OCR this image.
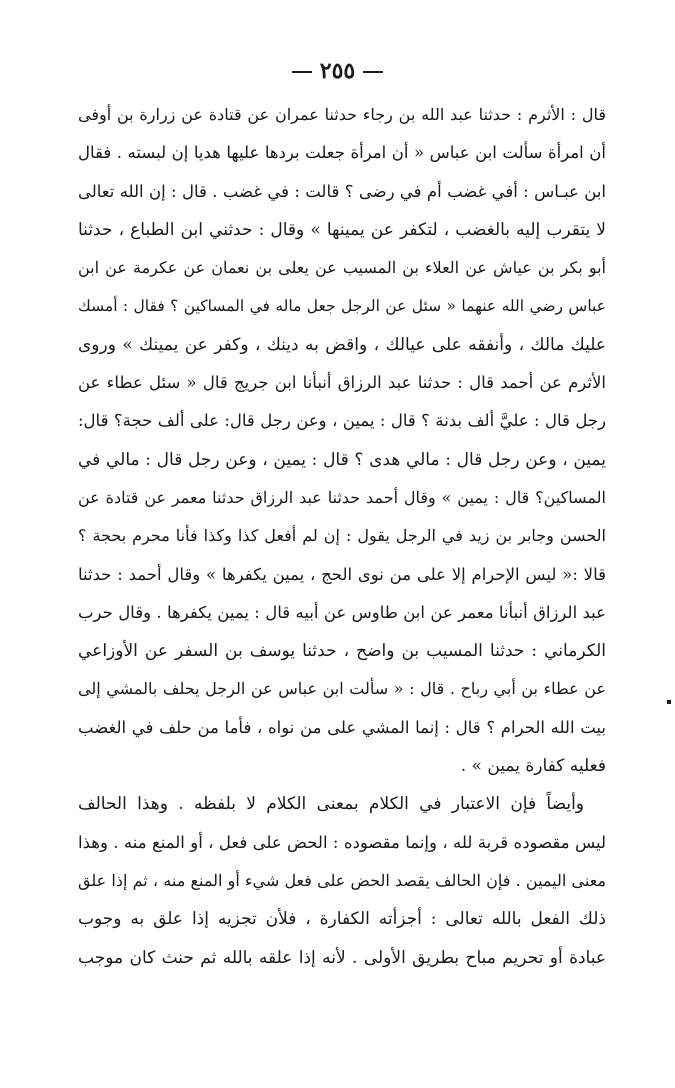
٢٥٥
قال : الأثرم : حدثنا عبد الله بن رجاء حدثنا عمران عن قتادة عن زرارة بن أوفى
أن امرأة سألت ابن عباس « أن امرأة جعلت بردها عليها هديا إن لبسته . فقال
ابن عبـاس : أفي غضب أم في رضى ؟ قالت : في غضب . قال : إن الله تعالى
لا يتقرب إليه بالغضب ، لتكفر عن يمينها » وقال : حدثني ابن الطباع ، حدثنا
أبو بكر بن عياش عن العلاء بن المسيب عن يعلى بن نعمان عن عكرمة عن ابن
عباس رضي الله عنهما « سئل عن الرجل جعل ماله في المساكين ؟ فقال : أمسك
عليك مالك ، وأنفقه على عيالك ، واقض به دينك ، وكفر عن يمينك » وروى
الأثرم عن أحمد قال : حدثنا عبد الرزاق أنبأنا ابن جريج قال « سئل عطاء عن
رجل قال : عليَّ ألف بدنة ؟ قال : يمين ، وعن رجل قال: على ألف حجة؟ قال:
يمين ، وعن رجل قال : مالي هدى ؟ قال : يمين ، وعن رجل قال : مالي في
المساكين؟ قال : يمين » وقال أحمد حدثنا عبد الرزاق حدثنا معمر عن قتادة عن
الحسن وجابر بن زيد في الرجل يقول : إن لم أفعل كذا وكذا فأنا محرم بحجة ؟
قالا :« ليس الإحرام إلا على من نوى الحج ، يمين يكفرها » وقال أحمد : حدثنا
عبد الرزاق أنبأنا معمر عن ابن طاوس عن أبيه قال : يمين يكفرها . وقال حرب
الكرماني : حدثنا المسيب بن واضح ، حدثنا يوسف بن السفر عن الأوزاعي
عن عطاء بن أبي رباح . قال : « سألت ابن عباس عن الرجل يحلف بالمشي إلى
بيت الله الحرام ؟ قال : إنما المشي على من نواه ، فأما من حلف في الغضب
فعليه كفارة يمين » .
وأيضاً فإن الاعتبار في الكلام بمعنى الكلام لا بلفظه . وهذا الحالف
ليس مقصوده قربة لله ، وإنما مقصوده : الحض على فعل ، أو المنع منه . وهذا
معنى اليمين . فإن الحالف يقصد الحض على فعل شيء أو المنع منه ، ثم إذا علق
ذلك الفعل بالله تعالى : أجزأته الكفارة ، فلأن تجزيه إذا علق به وجوب
عبادة أو تحريم مباح بطريق الأولى . لأنه إذا علقه بالله ثم حنث كان موجب
